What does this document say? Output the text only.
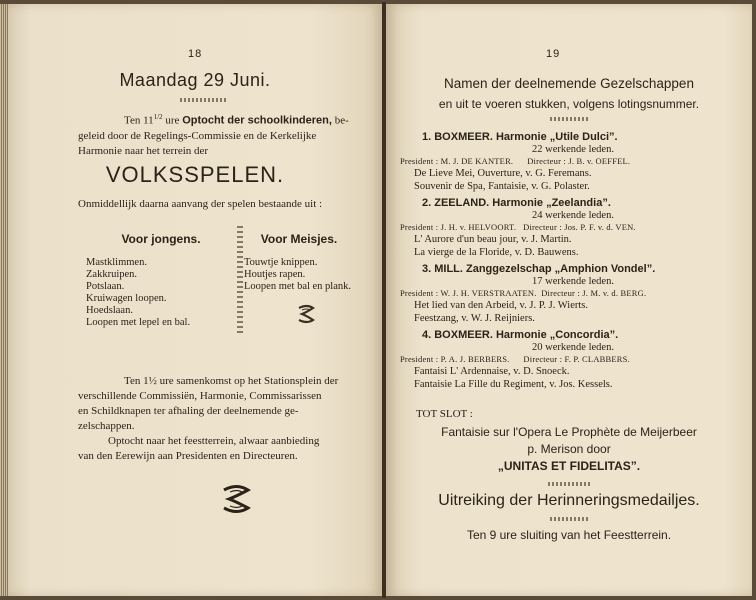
18
Maandag 29 Juni.
Ten $11^{1/2}$ ure Optocht der schoolkinderen, be-
geleid door de Regelings-Commissie en de Kerkelijke
Harmonie naar het terrein der
VOLKSSPELEN.
Onmiddellijk daarna aanvang der spelen bestaande uit :
Voor jongens.
Mastklimmen.
Zakkruipen.
Potslaan.
Kruiwagen loopen.
Hoedslaan.
Loopen met lepel en bal.
Voor Meisjes.
Touwtje knippen.
Houtjes rapen.
Loopen met bal en plank.
Ten 1½ ure samenkomst op het Stationsplein der
verschillende Commissiën, Harmonie, Commissarissen
en Schildknapen ter afhaling der deelnemende ge-
zelschappen.
Optocht naar het feestterrein, alwaar aanbieding
van den Eerewijn aan Presidenten en Directeuren.
19
Namen der deelnemende Gezelschappen
en uit te voeren stukken, volgens lotingsnummer.
1. BOXMEER. Harmonie „Utile Dulci”.
22 werkende leden.
President : M. J. DE KANTER.      Directeur : J. B. v. OEFFEL.
De Lieve Mei, Ouverture, v. G. Feremans.
Souvenir de Spa, Fantaisie, v. G. Polaster.
2. ZEELAND. Harmonie „Zeelandia”.
24 werkende leden.
President : J. H. v. HELVOORT.   Directeur : Jos. P. F. v. d. VEN.
L' Aurore d'un beau jour, v. J. Martin.
La vierge de la Floride, v. D. Bauwens.
3. MILL. Zanggezelschap „Amphion Vondel”.
17 werkende leden.
President : W. J. H. VERSTRAATEN.  Directeur : J. M. v. d. BERG.
Het lied van den Arbeid, v. J. P. J. Wierts.
Feestzang, v. W. J. Reijniers.
4. BOXMEER. Harmonie „Concordia”.
20 werkende leden.
President : P. A. J. BERBERS.      Directeur : F. P. CLABBERS.
Fantaisi L' Ardennaise, v. D. Snoeck.
Fantaisie La Fille du Regiment, v. Jos. Kessels.
TOT SLOT :
Fantaisie sur l'Opera Le Prophète de Meijerbeer
p. Merison door
„UNITAS ET FIDELITAS”.
Uitreiking der Herinneringsmedailjes.
Ten 9 ure sluiting van het Feestterrein.
